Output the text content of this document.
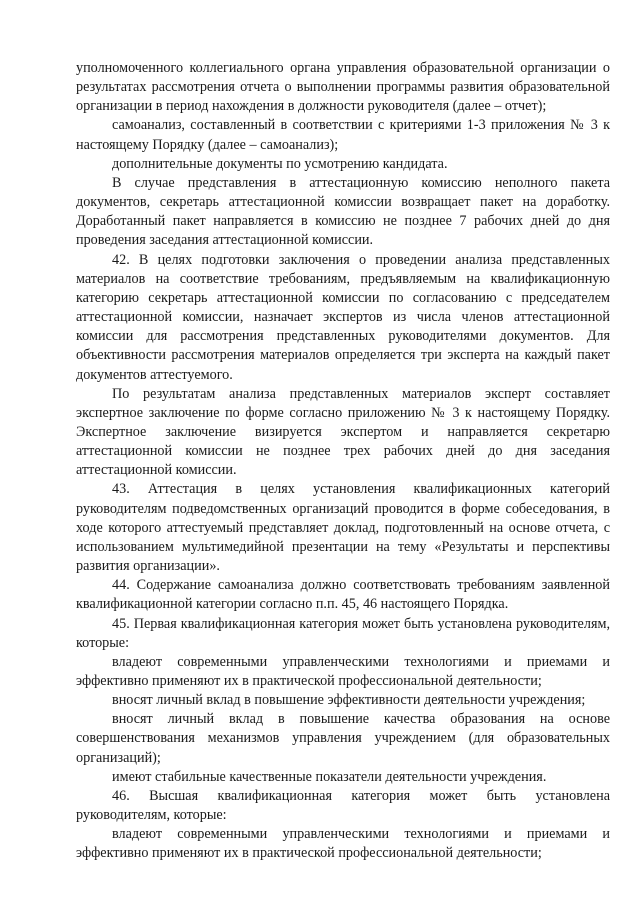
уполномоченного коллегиального органа управления образовательной организации о результатах рассмотрения отчета о выполнении программы развития образовательной организации в период нахождения в должности руководителя (далее – отчет);

самоанализ, составленный в соответствии с критериями 1-3 приложения № 3 к настоящему Порядку (далее – самоанализ);

дополнительные документы по усмотрению кандидата.

В случае представления в аттестационную комиссию неполного пакета документов, секретарь аттестационной комиссии возвращает пакет на доработку. Доработанный пакет направляется в комиссию не позднее 7 рабочих дней до дня проведения заседания аттестационной комиссии.

42. В целях подготовки заключения о проведении анализа представленных материалов на соответствие требованиям, предъявляемым на квалификационную категорию секретарь аттестационной комиссии по согласованию с председателем аттестационной комиссии, назначает экспертов из числа членов аттестационной комиссии для рассмотрения представленных руководителями документов. Для объективности рассмотрения материалов определяется три эксперта на каждый пакет документов аттестуемого.

По результатам анализа представленных материалов эксперт составляет экспертное заключение по форме согласно приложению № 3 к настоящему Порядку. Экспертное заключение визируется экспертом и направляется секретарю аттестационной комиссии не позднее трех рабочих дней до дня заседания аттестационной комиссии.

43. Аттестация в целях установления квалификационных категорий руководителям подведомственных организаций проводится в форме собеседования, в ходе которого аттестуемый представляет доклад, подготовленный на основе отчета, с использованием мультимедийной презентации на тему «Результаты и перспективы развития организации».

44. Содержание самоанализа должно соответствовать требованиям заявленной квалификационной категории согласно п.п. 45, 46 настоящего Порядка.

45. Первая квалификационная категория может быть установлена руководителям, которые:

владеют современными управленческими технологиями и приемами и эффективно применяют их в практической профессиональной деятельности;

вносят личный вклад в повышение эффективности деятельности учреждения;

вносят личный вклад в повышение качества образования на основе совершенствования механизмов управления учреждением (для образовательных организаций);

имеют стабильные качественные показатели деятельности учреждения.

46. Высшая квалификационная категория может быть установлена руководителям, которые:

владеют современными управленческими технологиями и приемами и эффективно применяют их в практической профессиональной деятельности;
